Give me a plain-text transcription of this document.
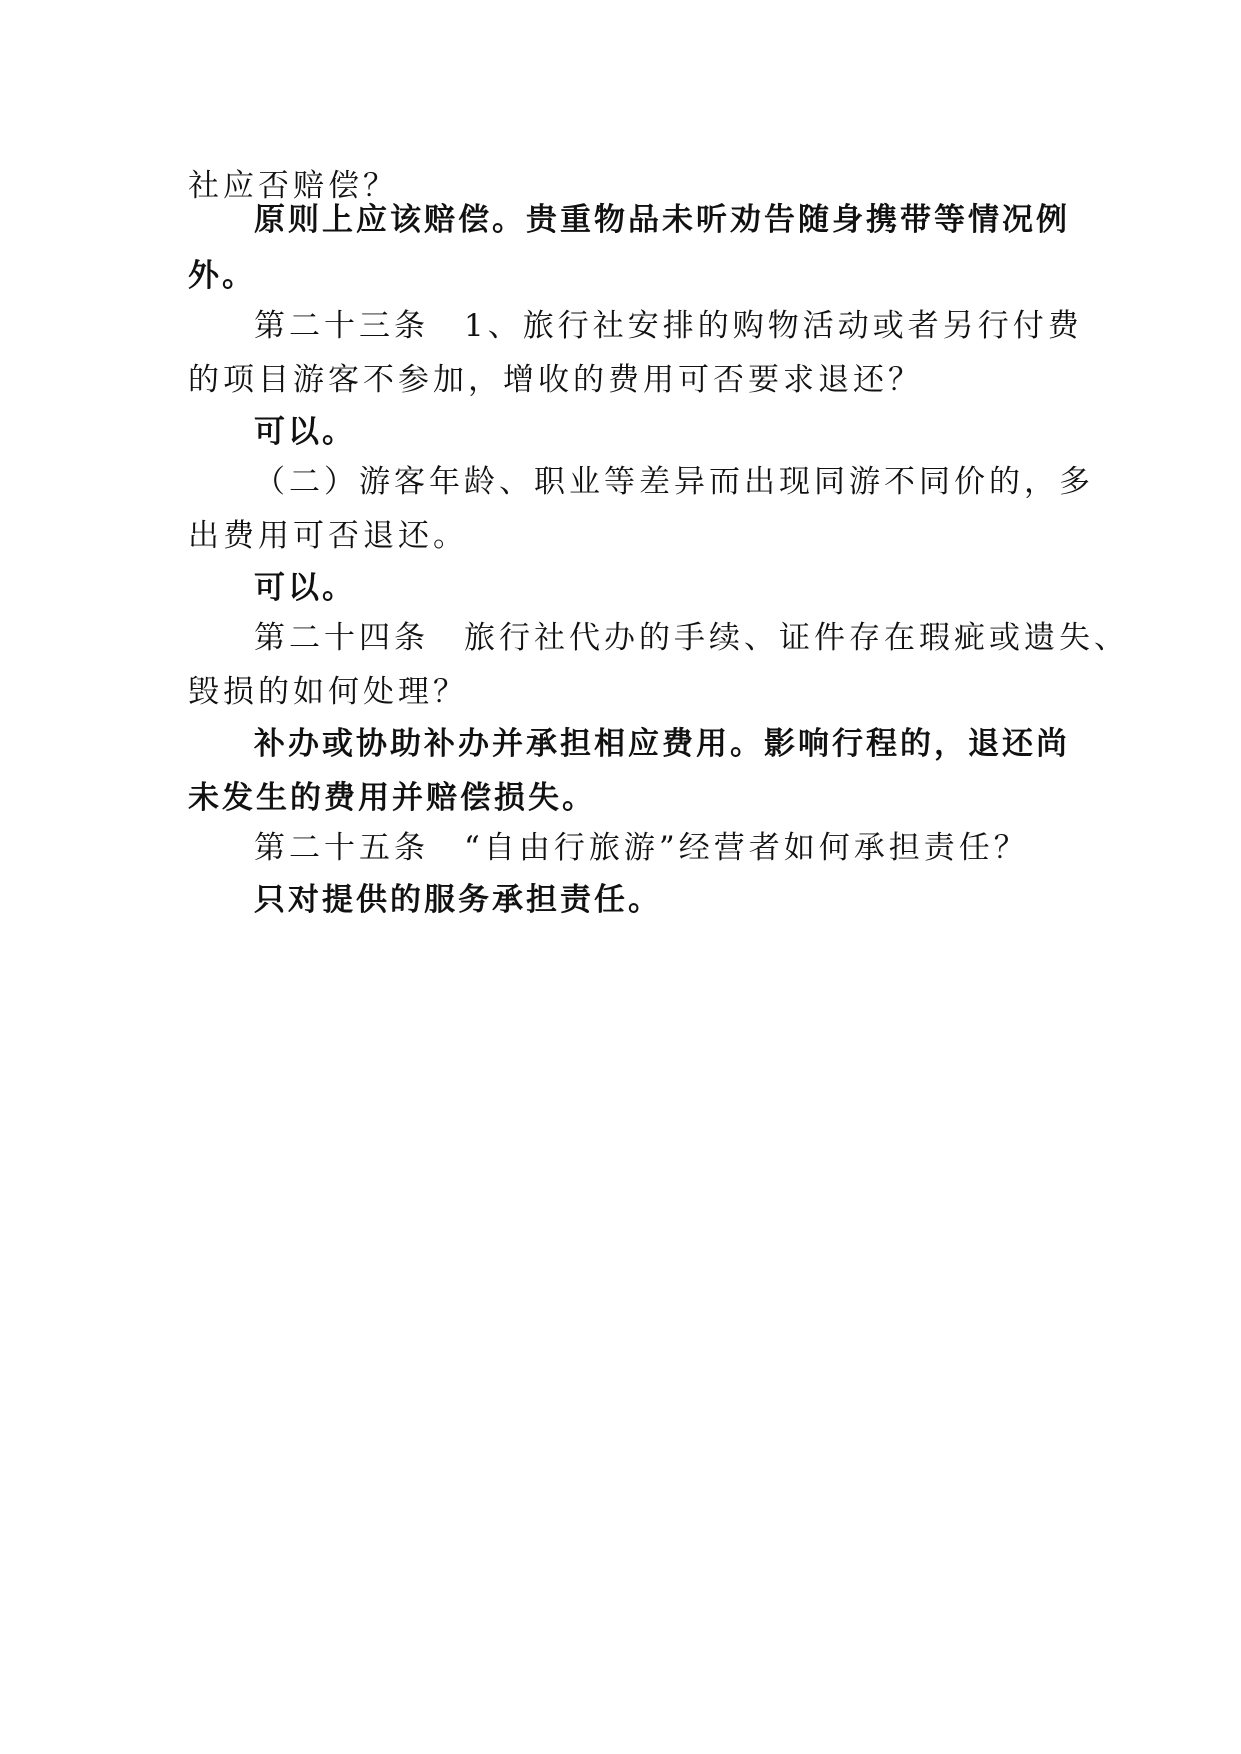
社应否赔偿？
原则上应该赔偿。贵重物品未听劝告随身携带等情况例
外。
第二十三条　1、旅行社安排的购物活动或者另行付费
的项目游客不参加，增收的费用可否要求退还？
可以。
（二）游客年龄、职业等差异而出现同游不同价的，多
出费用可否退还。
可以。
第二十四条　旅行社代办的手续、证件存在瑕疵或遗失、
毁损的如何处理？
补办或协助补办并承担相应费用。影响行程的，退还尚
未发生的费用并赔偿损失。
第二十五条　“自由行旅游”经营者如何承担责任？
只对提供的服务承担责任。
